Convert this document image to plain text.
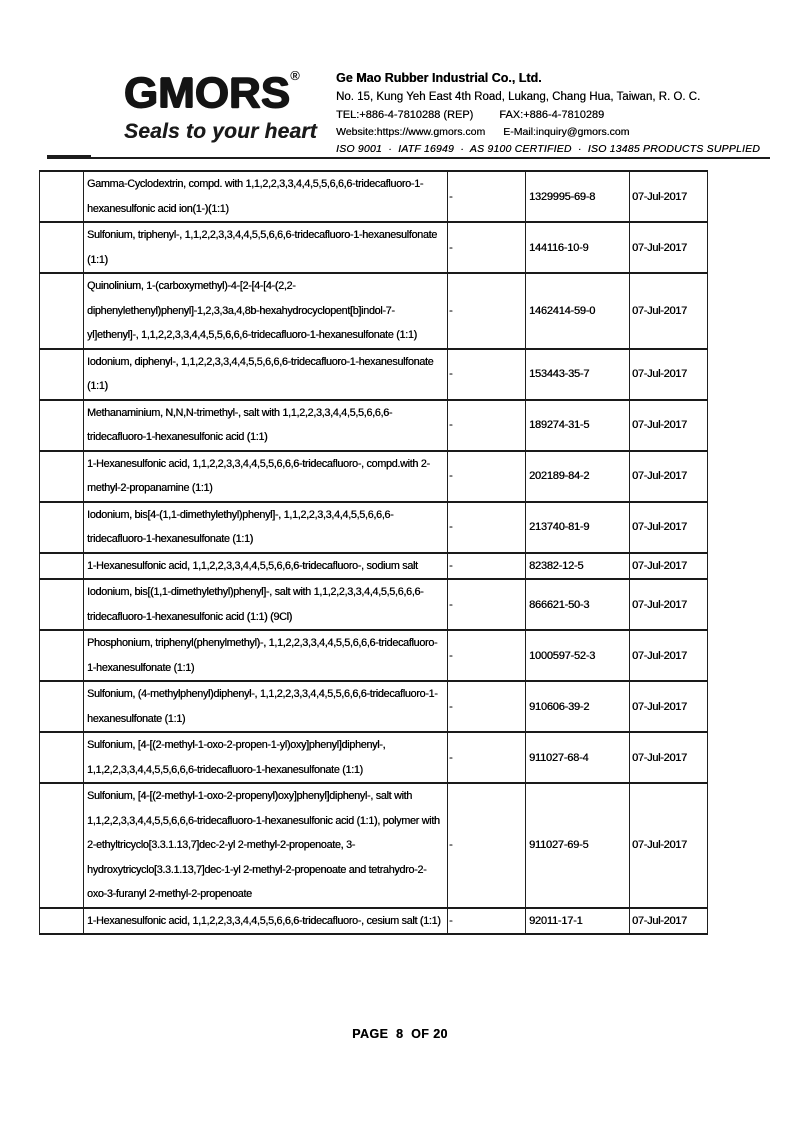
GMORS®
Seals to your heart
Ge Mao Rubber Industrial Co., Ltd.
No. 15, Kung Yeh East 4th Road, Lukang, Chang Hua, Taiwan, R. O. C.
TEL:+886-4-7810288 (REP) FAX:+886-4-7810289
Website:https://www.gmors.com E-Mail:inquiry@gmors.com
ISO 9001  ·  IATF 16949  ·  AS 9100 CERTIFIED  ·  ISO 13485 PRODUCTS SUPPLIED
	Gamma-Cyclodextrin, compd. with 1,1,2,2,3,3,4,4,5,5,6,6,6-tridecafluoro-1-hexanesulfonic acid ion(1-)(1:1)	-	1329995-69-8	07-Jul-2017
	Sulfonium, triphenyl-, 1,1,2,2,3,3,4,4,5,5,6,6,6-tridecafluoro-1-hexanesulfonate (1:1)	-	144116-10-9	07-Jul-2017
	Quinolinium, 1-(carboxymethyl)-4-[2-[4-[4-(2,2-diphenylethenyl)phenyl]-1,2,3,3a,4,8b-hexahydrocyclopent[b]indol-7-yl]ethenyl]-, 1,1,2,2,3,3,4,4,5,5,6,6,6-tridecafluoro-1-hexanesulfonate (1:1)	-	1462414-59-0	07-Jul-2017
	Iodonium, diphenyl-, 1,1,2,2,3,3,4,4,5,5,6,6,6-tridecafluoro-1-hexanesulfonate (1:1)	-	153443-35-7	07-Jul-2017
	Methanaminium, N,N,N-trimethyl-, salt with 1,1,2,2,3,3,4,4,5,5,6,6,6-tridecafluoro-1-hexanesulfonic acid (1:1)	-	189274-31-5	07-Jul-2017
	1-Hexanesulfonic acid, 1,1,2,2,3,3,4,4,5,5,6,6,6-tridecafluoro-, compd.with 2-methyl-2-propanamine (1:1)	-	202189-84-2	07-Jul-2017
	Iodonium, bis[4-(1,1-dimethylethyl)phenyl]-, 1,1,2,2,3,3,4,4,5,5,6,6,6-tridecafluoro-1-hexanesulfonate (1:1)	-	213740-81-9	07-Jul-2017
	1-Hexanesulfonic acid, 1,1,2,2,3,3,4,4,5,5,6,6,6-tridecafluoro-, sodium salt	-	82382-12-5	07-Jul-2017
	Iodonium, bis[(1,1-dimethylethyl)phenyl]-, salt with 1,1,2,2,3,3,4,4,5,5,6,6,6-tridecafluoro-1-hexanesulfonic acid (1:1) (9Cl)	-	866621-50-3	07-Jul-2017
	Phosphonium, triphenyl(phenylmethyl)-, 1,1,2,2,3,3,4,4,5,5,6,6,6-tridecafluoro-1-hexanesulfonate (1:1)	-	1000597-52-3	07-Jul-2017
	Sulfonium, (4-methylphenyl)diphenyl-, 1,1,2,2,3,3,4,4,5,5,6,6,6-tridecafluoro-1-hexanesulfonate (1:1)	-	910606-39-2	07-Jul-2017
	Sulfonium, [4-[(2-methyl-1-oxo-2-propen-1-yl)oxy]phenyl]diphenyl-, 1,1,2,2,3,3,4,4,5,5,6,6,6-tridecafluoro-1-hexanesulfonate (1:1)	-	911027-68-4	07-Jul-2017
	Sulfonium, [4-[(2-methyl-1-oxo-2-propenyl)oxy]phenyl]diphenyl-, salt with 1,1,2,2,3,3,4,4,5,5,6,6,6-tridecafluoro-1-hexanesulfonic acid (1:1), polymer with 2-ethyltricyclo[3.3.1.13,7]dec-2-yl 2-methyl-2-propenoate, 3-hydroxytricyclo[3.3.1.13,7]dec-1-yl 2-methyl-2-propenoate and tetrahydro-2-oxo-3-furanyl 2-methyl-2-propenoate	-	911027-69-5	07-Jul-2017
	1-Hexanesulfonic acid, 1,1,2,2,3,3,4,4,5,5,6,6,6-tridecafluoro-, cesium salt (1:1)	-	92011-17-1	07-Jul-2017
PAGE  8  OF 20
